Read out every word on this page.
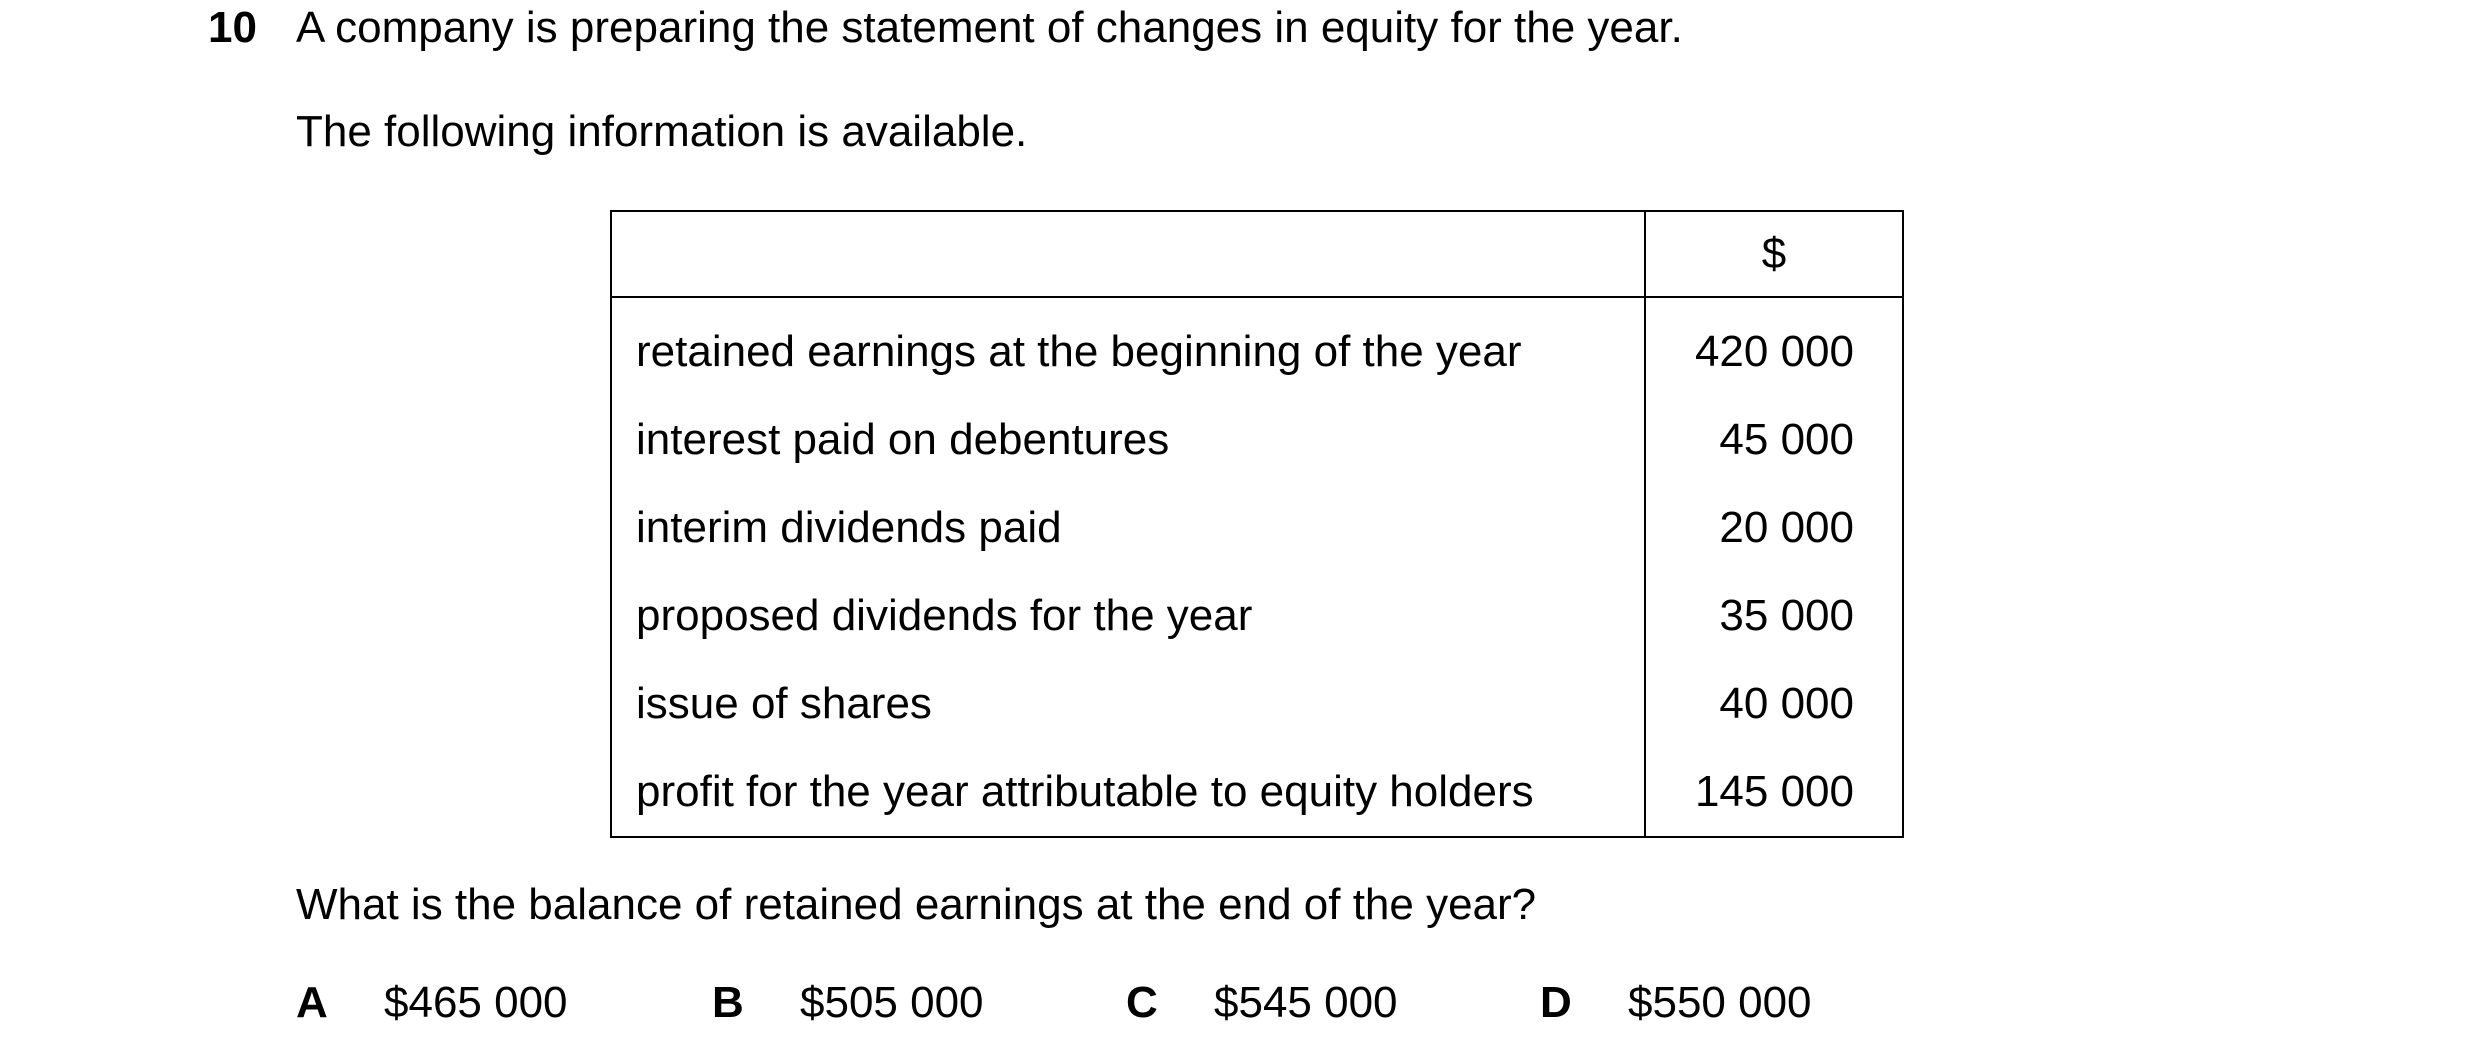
10 A company is preparing the statement of changes in equity for the year.
The following information is available.
	$
retained earnings at the beginning of the year	420 000
interest paid on debentures	45 000
interim dividends paid	20 000
proposed dividends for the year	35 000
issue of shares	40 000
profit for the year attributable to equity holders	145 000
What is the balance of retained earnings at the end of the year?
A $465 000	B $505 000	C $545 000	D $550 000
